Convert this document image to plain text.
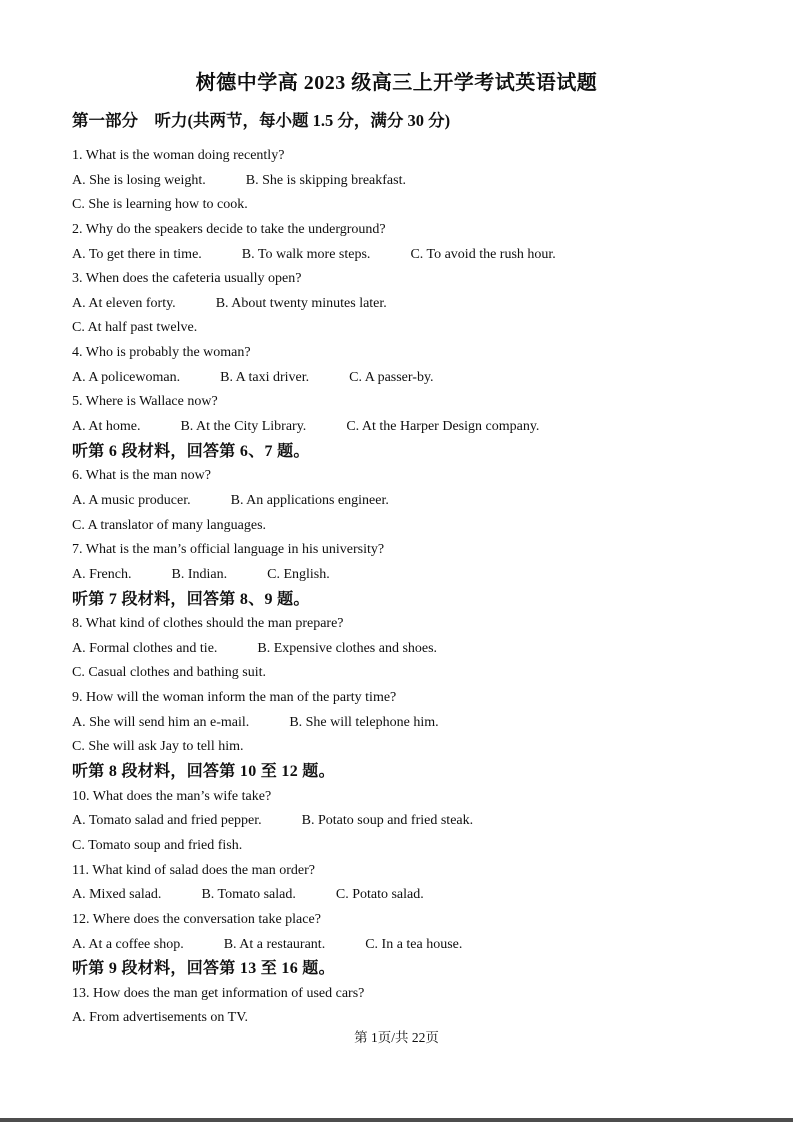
树德中学高 2023 级高三上开学考试英语试题
第一部分　听力(共两节，每小题 1.5 分，满分 30 分)
1. What is the woman doing recently?
A. She is losing weight.	B. She is skipping breakfast.
C. She is learning how to cook.
2. Why do the speakers decide to take the underground?
A. To get there in time.	B. To walk more steps.	C. To avoid the rush hour.
3. When does the cafeteria usually open?
A. At eleven forty.	B. About twenty minutes later.
C. At half past twelve.
4. Who is probably the woman?
A. A policewoman.	B. A taxi driver.	C. A passer-by.
5. Where is Wallace now?
A. At home.	B. At the City Library.	C. At the Harper Design company.
听第 6 段材料，回答第 6、7 题。
6. What is the man now?
A. A music producer.	B. An applications engineer.
C. A translator of many languages.
7. What is the man’s official language in his university?
A. French.	B. Indian.	C. English.
听第 7 段材料，回答第 8、9 题。
8. What kind of clothes should the man prepare?
A. Formal clothes and tie.	B. Expensive clothes and shoes.
C. Casual clothes and bathing suit.
9. How will the woman inform the man of the party time?
A. She will send him an e-mail.	B. She will telephone him.
C. She will ask Jay to tell him.
听第 8 段材料，回答第 10 至 12 题。
10. What does the man’s wife take?
A. Tomato salad and fried pepper.	B. Potato soup and fried steak.
C. Tomato soup and fried fish.
11. What kind of salad does the man order?
A. Mixed salad.	B. Tomato salad.	C. Potato salad.
12. Where does the conversation take place?
A. At a coffee shop.	B. At a restaurant.	C. In a tea house.
听第 9 段材料，回答第 13 至 16 题。
13. How does the man get information of used cars?
A. From advertisements on TV.
第 1页/共 22页
